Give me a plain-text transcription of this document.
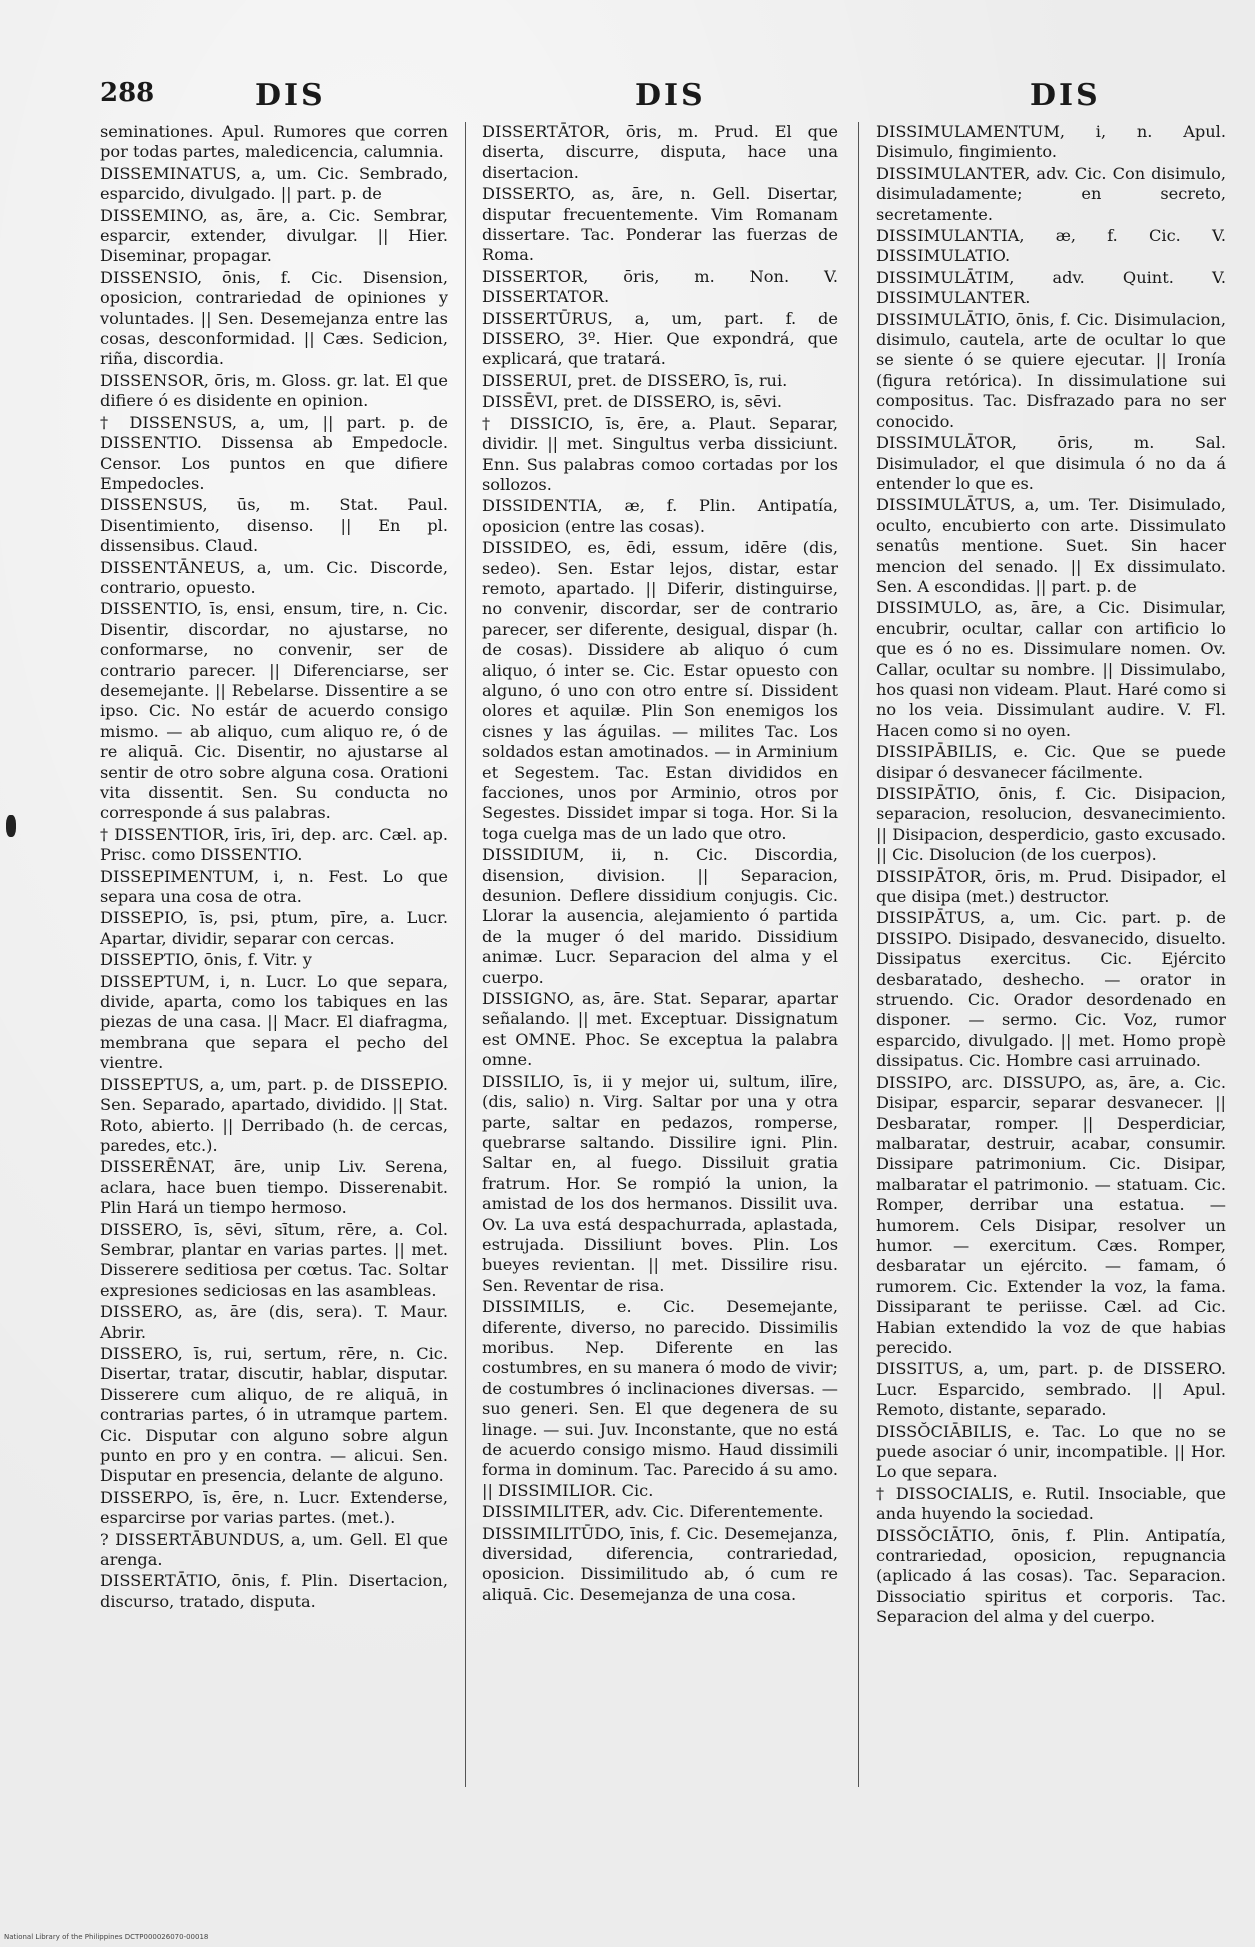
288	DIS	DIS	DIS

seminationes. Apul. Rumores que corren por todas partes, maledicencia, calumnia.

DISSEMINATUS, a, um. Cic. Sembrado, esparcido, divulgado. || part. p. de

DISSEMINO, as, āre, a. Cic. Sembrar, esparcir, extender, divulgar. || Hier. Diseminar, propagar.

DISSENSIO, ōnis, f. Cic. Disension, oposicion, contrariedad de opiniones y voluntades. || Sen. Desemejanza entre las cosas, desconformidad. || Cæs. Sedicion, riña, discordia.

DISSENSOR, ōris, m. Gloss. gr. lat. El que difiere ó es disidente en opinion.

† DISSENSUS, a, um, || part. p. de DISSENTIO. Dissensa ab Empedocle. Censor. Los puntos en que difiere Empedocles.

DISSENSUS, ūs, m. Stat. Paul. Disentimiento, disenso. || En pl. dissensibus. Claud.

DISSENTĀNEUS, a, um. Cic. Discorde, contrario, opuesto.

DISSENTIO, īs, ensi, ensum, tire, n. Cic. Disentir, discordar, no ajustarse, no conformarse, no convenir, ser de contrario parecer. || Diferenciarse, ser desemejante. || Rebelarse. Dissentire a se ipso. Cic. No estár de acuerdo consigo mismo. — ab aliquo, cum aliquo re, ó de re aliquā. Cic. Disentir, no ajustarse al sentir de otro sobre alguna cosa. Orationi vita dissentit. Sen. Su conducta no corresponde á sus palabras.

† DISSENTIOR, īris, īri, dep. arc. Cæl. ap. Prisc. como DISSENTIO.

DISSEPIMENTUM, i, n. Fest. Lo que separa una cosa de otra.

DISSEPIO, īs, psi, ptum, pīre, a. Lucr. Apartar, dividir, separar con cercas.

DISSEPTIO, ōnis, f. Vitr. y

DISSEPTUM, i, n. Lucr. Lo que separa, divide, aparta, como los tabiques en las piezas de una casa. || Macr. El diafragma, membrana que separa el pecho del vientre.

DISSEPTUS, a, um, part. p. de DISSEPIO. Sen. Separado, apartado, dividido. || Stat. Roto, abierto. || Derribado (h. de cercas, paredes, etc.).

DISSERĒNAT, āre, unip Liv. Serena, aclara, hace buen tiempo. Disserenabit. Plin Hará un tiempo hermoso.

DISSERO, īs, sēvi, sītum, rēre, a. Col. Sembrar, plantar en varias partes. || met. Disserere seditiosa per cœtus. Tac. Soltar expresiones sediciosas en las asambleas.

DISSERO, as, āre (dis, sera). T. Maur. Abrir.

DISSERO, īs, rui, sertum, rēre, n. Cic. Disertar, tratar, discutir, hablar, disputar. Disserere cum aliquo, de re aliquā, in contrarias partes, ó in utramque partem. Cic. Disputar con alguno sobre algun punto en pro y en contra. — alicui. Sen. Disputar en presencia, delante de alguno.

DISSERPO, īs, ēre, n. Lucr. Extenderse, esparcirse por varias partes. (met.).

? DISSERTĀBUNDUS, a, um. Gell. El que arenga.

DISSERTĀTIO, ōnis, f. Plin. Disertacion, discurso, tratado, disputa.

DISSERTĀTOR, ōris, m. Prud. El que diserta, discurre, disputa, hace una disertacion.

DISSERTO, as, āre, n. Gell. Disertar, disputar frecuentemente. Vim Romanam dissertare. Tac. Ponderar las fuerzas de Roma.

DISSERTOR, ōris, m. Non. V. DISSERTATOR.

DISSERTŪRUS, a, um, part. f. de DISSERO, 3º. Hier. Que expondrá, que explicará, que tratará.

DISSERUI, pret. de DISSERO, īs, rui.

DISSĒVI, pret. de DISSERO, is, sēvi.

† DISSICIO, īs, ēre, a. Plaut. Separar, dividir. || met. Singultus verba dissiciunt. Enn. Sus palabras comoo cortadas por los sollozos.

DISSIDENTIA, æ, f. Plin. Antipatía, oposicion (entre las cosas).

DISSIDEO, es, ēdi, essum, idēre (dis, sedeo). Sen. Estar lejos, distar, estar remoto, apartado. || Diferir, distinguirse, no convenir, discordar, ser de contrario parecer, ser diferente, desigual, dispar (h. de cosas). Dissidere ab aliquo ó cum aliquo, ó inter se. Cic. Estar opuesto con alguno, ó uno con otro entre sí. Dissident olores et aquilæ. Plin Son enemigos los cisnes y las águilas. — milites Tac. Los soldados estan amotinados. — in Arminium et Segestem. Tac. Estan divididos en facciones, unos por Arminio, otros por Segestes. Dissidet impar si toga. Hor. Si la toga cuelga mas de un lado que otro.

DISSIDIUM, ii, n. Cic. Discordia, disension, division. || Separacion, desunion. Deflere dissidium conjugis. Cic. Llorar la ausencia, alejamiento ó partida de la muger ó del marido. Dissidium animæ. Lucr. Separacion del alma y el cuerpo.

DISSIGNO, as, āre. Stat. Separar, apartar señalando. || met. Exceptuar. Dissignatum est OMNE. Phoc. Se exceptua la palabra omne.

DISSILIO, īs, ii y mejor ui, sultum, ilīre, (dis, salio) n. Virg. Saltar por una y otra parte, saltar en pedazos, romperse, quebrarse saltando. Dissilire igni. Plin. Saltar en, al fuego. Dissiluit gratia fratrum. Hor. Se rompió la union, la amistad de los dos hermanos. Dissilit uva. Ov. La uva está despachurrada, aplastada, estrujada. Dissiliunt boves. Plin. Los bueyes revientan. || met. Dissilire risu. Sen. Reventar de risa.

DISSIMILIS, e. Cic. Desemejante, diferente, diverso, no parecido. Dissimilis moribus. Nep. Diferente en las costumbres, en su manera ó modo de vivir; de costumbres ó inclinaciones diversas. — suo generi. Sen. El que degenera de su linage. — sui. Juv. Inconstante, que no está de acuerdo consigo mismo. Haud dissimili forma in dominum. Tac. Parecido á su amo. || DISSIMILIOR. Cic.

DISSIMILITER, adv. Cic. Diferentemente.

DISSIMILITŪDO, īnis, f. Cic. Desemejanza, diversidad, diferencia, contrariedad, oposicion. Dissimilitudo ab, ó cum re aliquā. Cic. Desemejanza de una cosa.

DISSIMULAMENTUM, i, n. Apul. Disimulo, fingimiento.

DISSIMULANTER, adv. Cic. Con disimulo, disimuladamente; en secreto, secretamente.

DISSIMULANTIA, æ, f. Cic. V. DISSIMULATIO.

DISSIMULĀTIM, adv. Quint. V. DISSIMULANTER.

DISSIMULĀTIO, ōnis, f. Cic. Disimulacion, disimulo, cautela, arte de ocultar lo que se siente ó se quiere ejecutar. || Ironía (figura retórica). In dissimulatione sui compositus. Tac. Disfrazado para no ser conocido.

DISSIMULĀTOR, ōris, m. Sal. Disimulador, el que disimula ó no da á entender lo que es.

DISSIMULĀTUS, a, um. Ter. Disimulado, oculto, encubierto con arte. Dissimulato senatûs mentione. Suet. Sin hacer mencion del senado. || Ex dissimulato. Sen. A escondidas. || part. p. de

DISSIMULO, as, āre, a Cic. Disimular, encubrir, ocultar, callar con artificio lo que es ó no es. Dissimulare nomen. Ov. Callar, ocultar su nombre. || Dissimulabo, hos quasi non videam. Plaut. Haré como si no los veia. Dissimulant audire. V. Fl. Hacen como si no oyen.

DISSIPĀBILIS, e. Cic. Que se puede disipar ó desvanecer fácilmente.

DISSIPĀTIO, ōnis, f. Cic. Disipacion, separacion, resolucion, desvanecimiento. || Disipacion, desperdicio, gasto excusado. || Cic. Disolucion (de los cuerpos).

DISSIPĀTOR, ōris, m. Prud. Disipador, el que disipa (met.) destructor.

DISSIPĀTUS, a, um. Cic. part. p. de DISSIPO. Disipado, desvanecido, disuelto. Dissipatus exercitus. Cic. Ejército desbaratado, deshecho. — orator in struendo. Cic. Orador desordenado en disponer. — sermo. Cic. Voz, rumor esparcido, divulgado. || met. Homo propè dissipatus. Cic. Hombre casi arruinado.

DISSIPO, arc. DISSUPO, as, āre, a. Cic. Disipar, esparcir, separar desvanecer. || Desbaratar, romper. || Desperdiciar, malbaratar, destruir, acabar, consumir. Dissipare patrimonium. Cic. Disipar, malbaratar el patrimonio. — statuam. Cic. Romper, derribar una estatua. — humorem. Cels Disipar, resolver un humor. — exercitum. Cæs. Romper, desbaratar un ejército. — famam, ó rumorem. Cic. Extender la voz, la fama. Dissiparant te periisse. Cæl. ad Cic. Habian extendido la voz de que habias perecido.

DISSITUS, a, um, part. p. de DISSERO. Lucr. Esparcido, sembrado. || Apul. Remoto, distante, separado.

DISSŎCIĀBILIS, e. Tac. Lo que no se puede asociar ó unir, incompatible. || Hor. Lo que separa.

† DISSOCIALIS, e. Rutil. Insociable, que anda huyendo la sociedad.

DISSŎCIĀTIO, ōnis, f. Plin. Antipatía, contrariedad, oposicion, repugnancia (aplicado á las cosas). Tac. Separacion. Dissociatio spiritus et corporis. Tac. Separacion del alma y del cuerpo.

National Library of the Philippines DCTP000026070-00018
